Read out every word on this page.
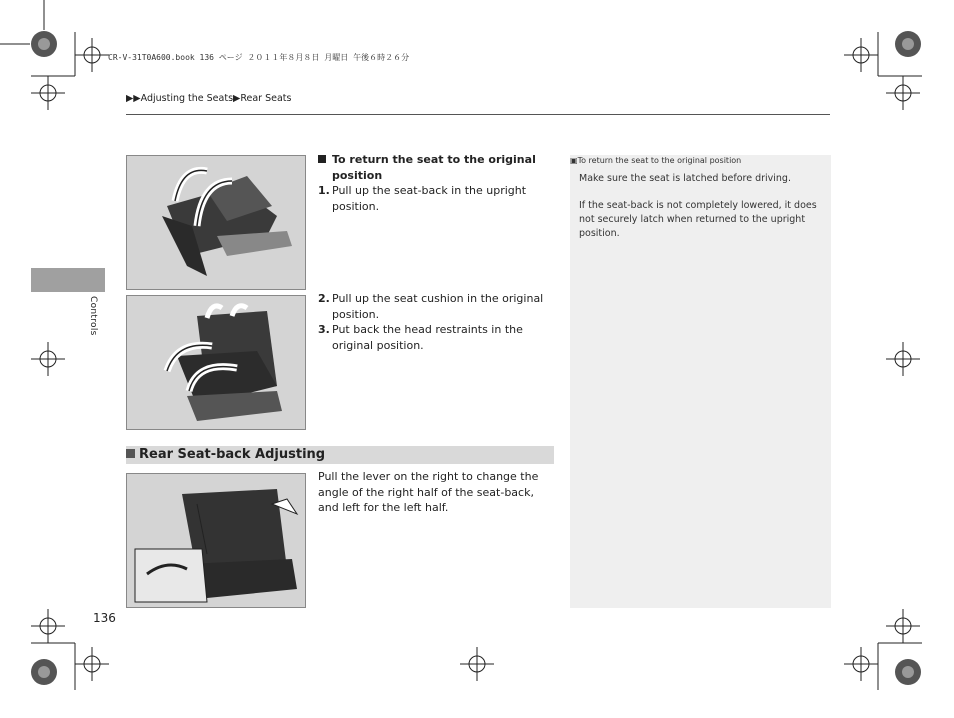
CR-V-31T0A600.book 136 ページ ２０１１年８月８日 月曜日 午後６時２６分
▶▶Adjusting the Seats▶Rear Seats
Controls
To return the seat to the original position
1. Pull up the seat-back in the upright position.
2. Pull up the seat cushion in the original position.
3. Put back the head restraints in the original position.
Rear Seat-back Adjusting
Pull the lever on the right to change the angle of the right half of the seat-back, and left for the left half.
▣To return the seat to the original position
Make sure the seat is latched before driving.
If the seat-back is not completely lowered, it does not securely latch when returned to the upright position.
136
